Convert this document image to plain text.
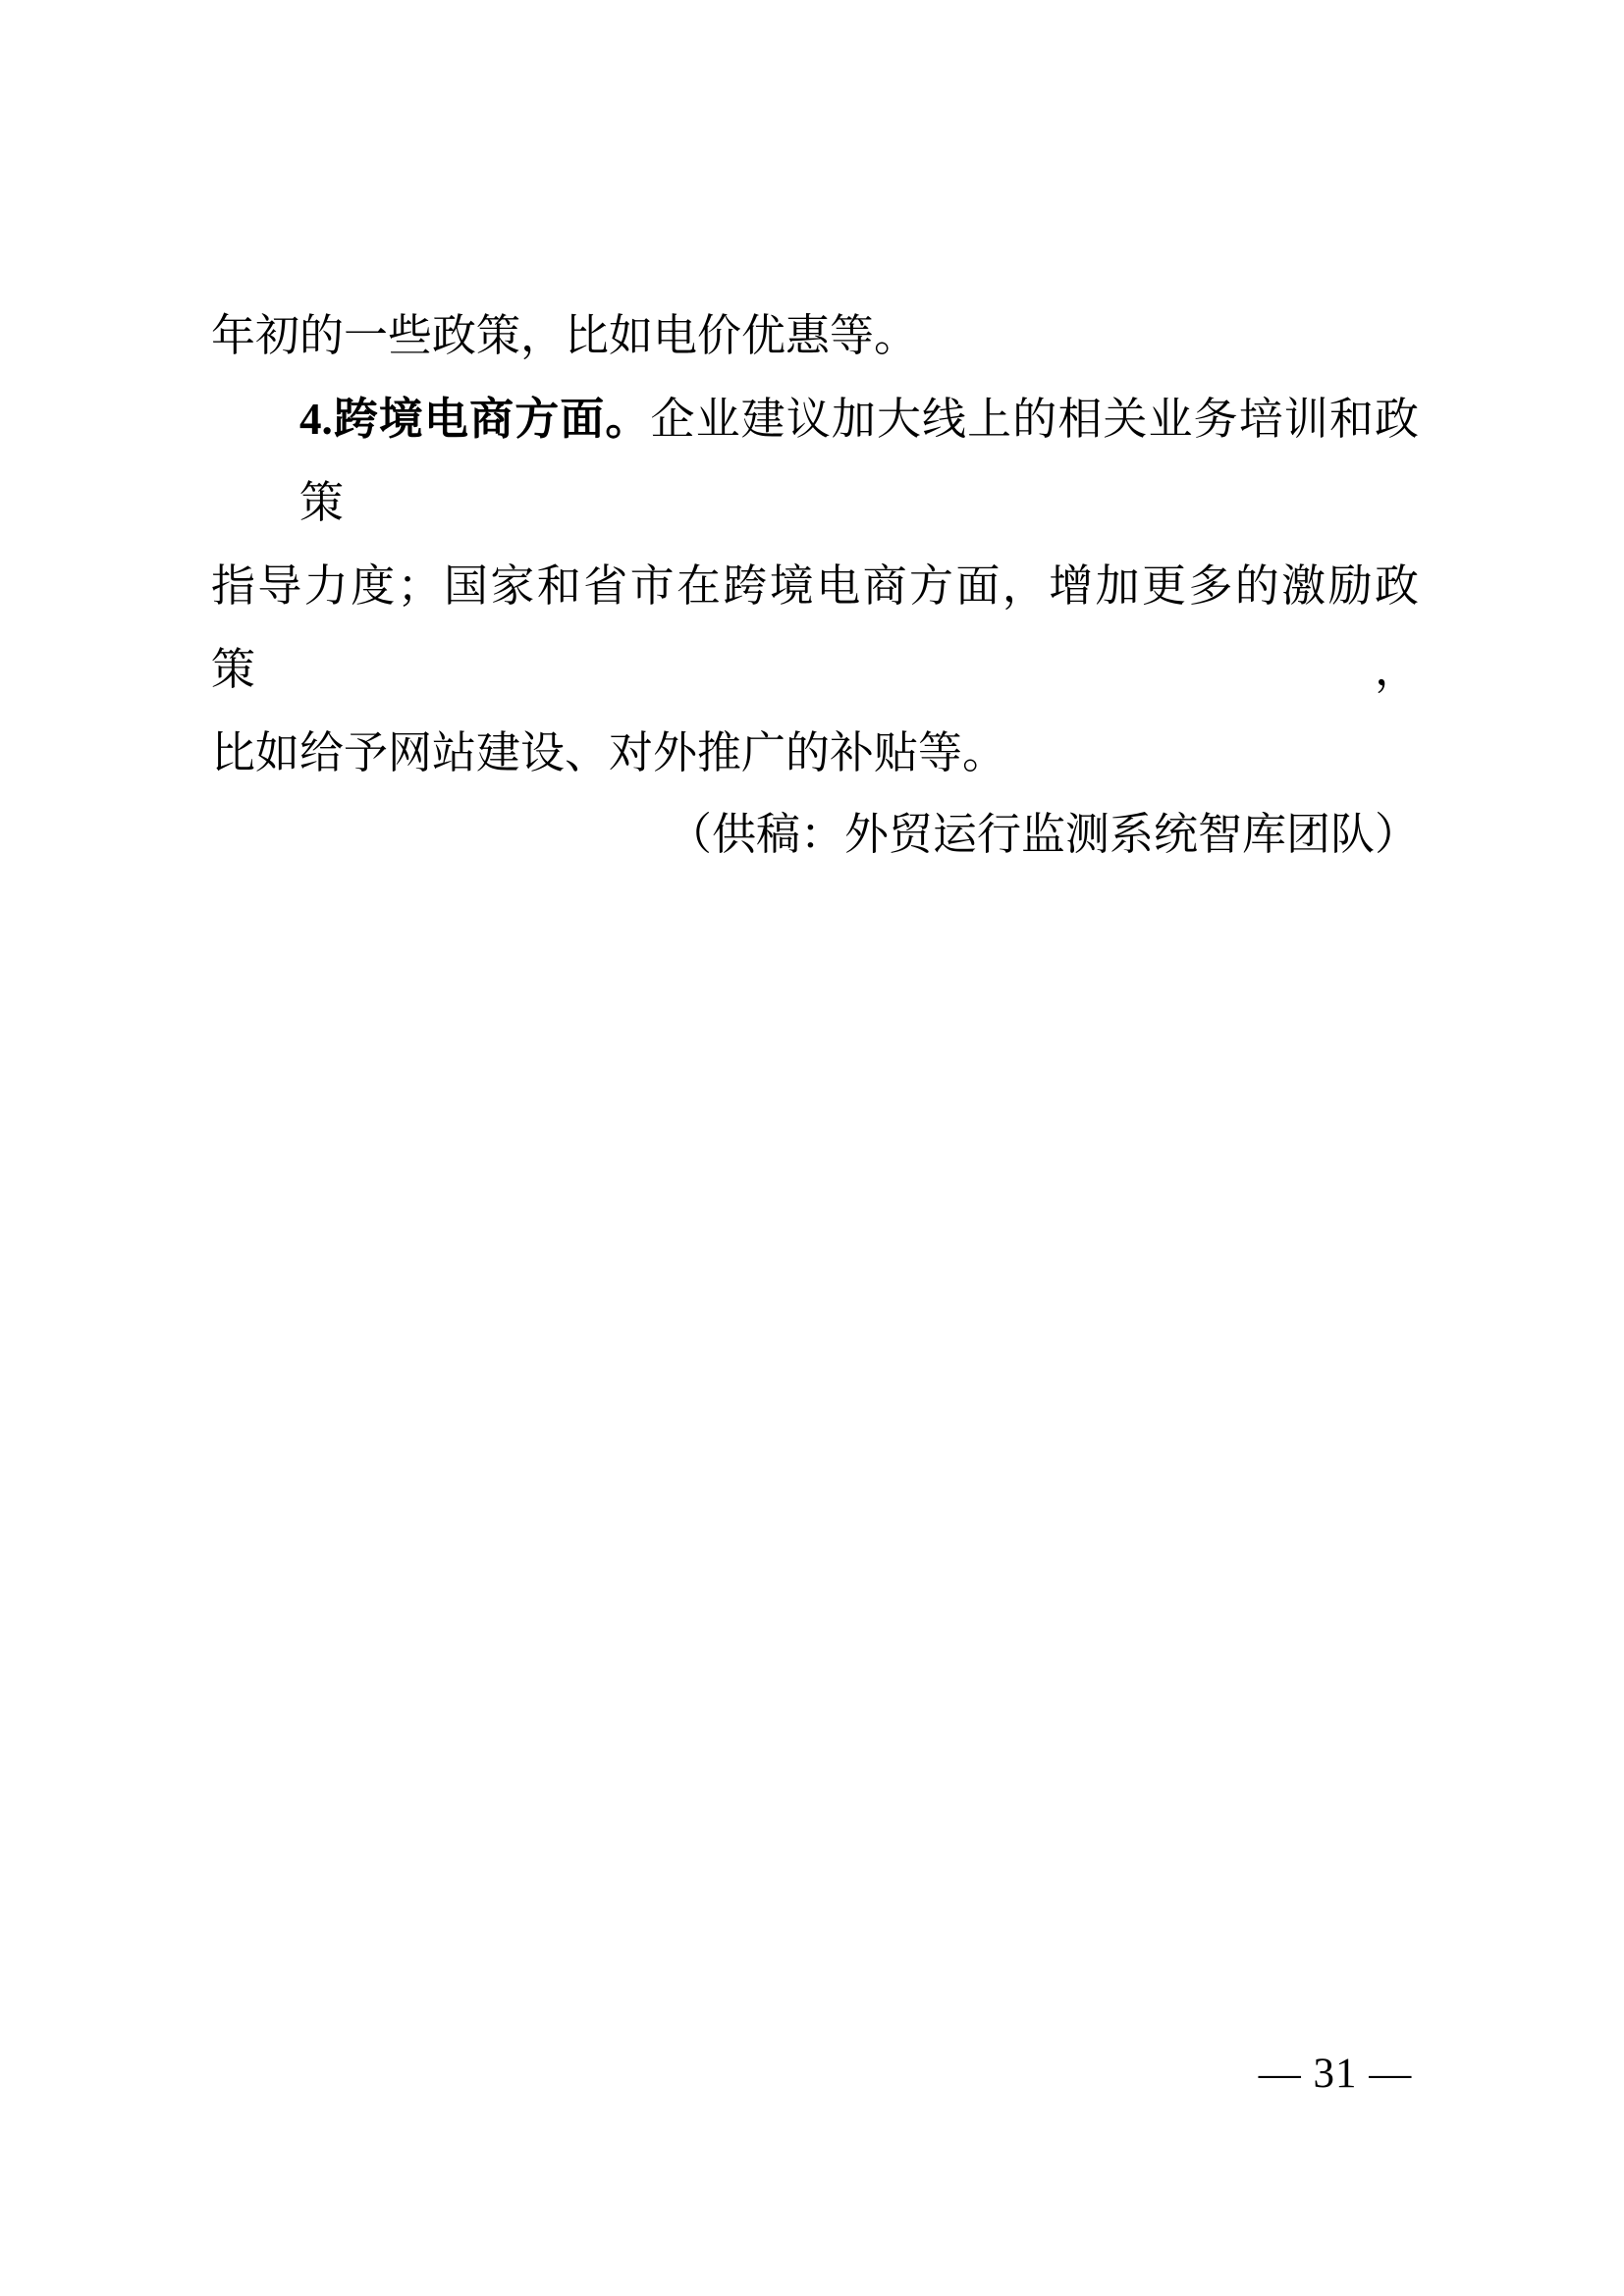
年初的一些政策，比如电价优惠等。
4.跨境电商方面。企业建议加大线上的相关业务培训和政策
指导力度；国家和省市在跨境电商方面，增加更多的激励政策，
比如给予网站建设、对外推广的补贴等。
（供稿：外贸运行监测系统智库团队）
— 31 —
